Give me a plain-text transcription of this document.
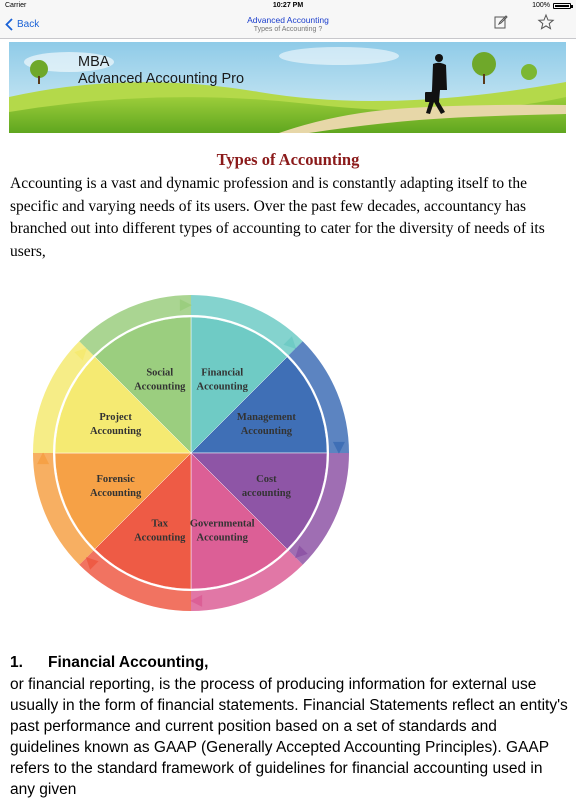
Carrier	10:27 PM	100%
Back	Advanced Accounting
Types of Accounting ?
MBA
Advanced Accounting Pro
Types of Accounting
Accounting is a vast and dynamic profession and is constantly adapting itself to the specific and varying needs of its users. Over the past few decades, accountancy has branched out into different types of accounting to cater for the diversity of needs of its users,
Financial Accounting
Management Accounting
Cost accounting
Governmental Accounting
Tax Accounting
Forensic Accounting
Project Accounting
Social Accounting
1. Financial Accounting,
or financial reporting, is the process of producing information for external use usually in the form of financial statements. Financial Statements reflect an entity's past performance and current position based on a set of standards and guidelines known as GAAP (Generally Accepted Accounting Principles). GAAP refers to the standard framework of guidelines for financial accounting used in any given
